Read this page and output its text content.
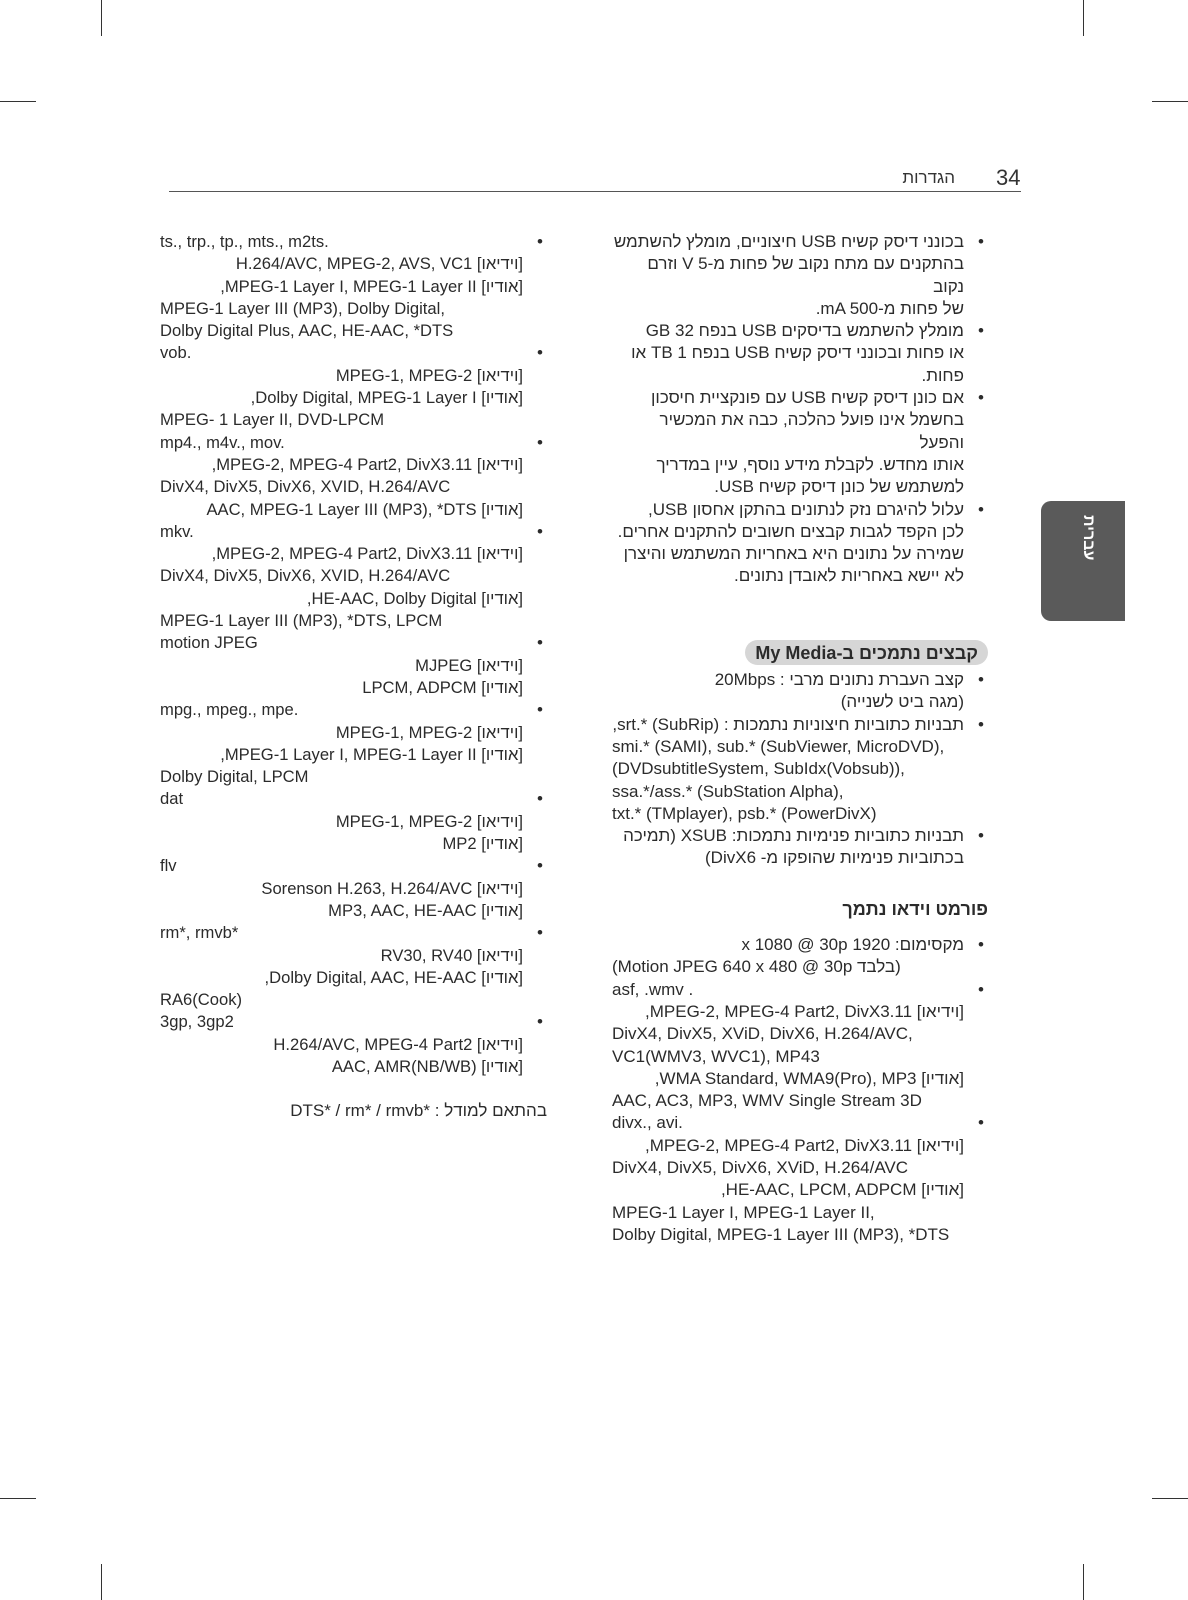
34
הגדרות
עברית
•
בכונני דיסק קשיח USB חיצוניים, מומלץ להשתמש
בהתקנים עם מתח נקוב של פחות מ-V 5 וזרם נקוב
של פחות מ-mA 500.
•
מומלץ להשתמש בדיסקים USB בנפח GB 32
או פחות ובכונני דיסק קשיח USB בנפח TB 1 או
פחות.
•
אם כונן דיסק קשיח USB עם פונקציית חיסכון
בחשמל אינו פועל כהלכה, כבה את המכשיר והפעל
אותו מחדש. לקבלת מידע נוסף, עיין במדריך
למשתמש של כונן דיסק קשיח USB.
•
עלול להיגרם נזק לנתונים בהתקן אחסון USB,
לכן הקפד לגבות קבצים חשובים להתקנים אחרים.
שמירה על נתונים היא באחריות המשתמש והיצרן
לא יישא באחריות לאובדן נתונים.
קבצים נתמכים ב-My Media
•
קצב העברת נתונים מרבי : 20Mbps
(מגה ביט לשנייה)
•
תבניות כתוביות חיצוניות נתמכות : srt.* (SubRip),
smi.* (SAMI), sub.* (SubViewer, MicroDVD),
(DVDsubtitleSystem, SubIdx(Vobsub)),
ssa.*/ass.* (SubStation Alpha),
txt.* (TMplayer), psb.* (PowerDivX)
•
תבניות כתוביות פנימיות נתמכות: XSUB (תמיכה
בכתוביות פנימיות שהופקו מ- DivX6)
פורמט וידאו נתמך
•
מקסימום: 1920 x 1080 @ 30p
(Motion JPEG 640 x 480 @ 30p בלבד)
•
asf, .wmv .
[וידיאו] MPEG-2, MPEG-4 Part2, DivX3.11,
DivX4, DivX5, XViD, DivX6, H.264/AVC,
VC1(WMV3, WVC1), MP43
[אודיו] WMA Standard, WMA9(Pro), MP3,
AAC, AC3, MP3, WMV Single Stream 3D
•
divx., avi.
[וידיאו] MPEG-2, MPEG-4 Part2, DivX3.11,
DivX4, DivX5, DivX6, XViD, H.264/AVC
[אודיו] HE-AAC, LPCM, ADPCM,
MPEG-1 Layer I, MPEG-1 Layer II,
Dolby Digital, MPEG-1 Layer III (MP3), *DTS
•
ts., trp., tp., mts., m2ts.
[וידיאו] H.264/AVC, MPEG-2, AVS, VC1
[אודיו] MPEG-1 Layer I, MPEG-1 Layer II,
MPEG-1 Layer III (MP3), Dolby Digital,
Dolby Digital Plus, AAC, HE-AAC, *DTS
•
vob.
[וידיאו] MPEG-1, MPEG-2
[אודיו] Dolby Digital, MPEG-1 Layer I,
MPEG- 1 Layer II, DVD-LPCM
•
mp4., m4v., mov.
[וידיאו] MPEG-2, MPEG-4 Part2, DivX3.11,
DivX4, DivX5, DivX6, XVID, H.264/AVC
[אודיו] AAC, MPEG-1 Layer III (MP3), *DTS
•
mkv.
[וידיאו] MPEG-2, MPEG-4 Part2, DivX3.11,
DivX4, DivX5, DivX6, XVID, H.264/AVC
[אודיו] HE-AAC, Dolby Digital,
MPEG-1 Layer III (MP3), *DTS, LPCM
•
motion JPEG
[וידיאו] MJPEG
[אודיו] LPCM, ADPCM
•
mpg., mpeg., mpe.
[וידיאו] MPEG-1, MPEG-2
[אודיו] MPEG-1 Layer I, MPEG-1 Layer II,
Dolby Digital, LPCM
•
dat
[וידיאו] MPEG-1, MPEG-2
[אודיו] MP2
•
flv
[וידיאו] Sorenson H.263, H.264/AVC
[אודיו] MP3, AAC, HE-AAC
•
rm*, rmvb*
[וידיאו] RV30, RV40
[אודיו] Dolby Digital, AAC, HE-AAC,
RA6(Cook)
•
3gp, 3gp2
[וידיאו] H.264/AVC, MPEG-4 Part2
[אודיו] AAC, AMR(NB/WB)
DTS* / rm* / rmvb* : בהתאם למודל
